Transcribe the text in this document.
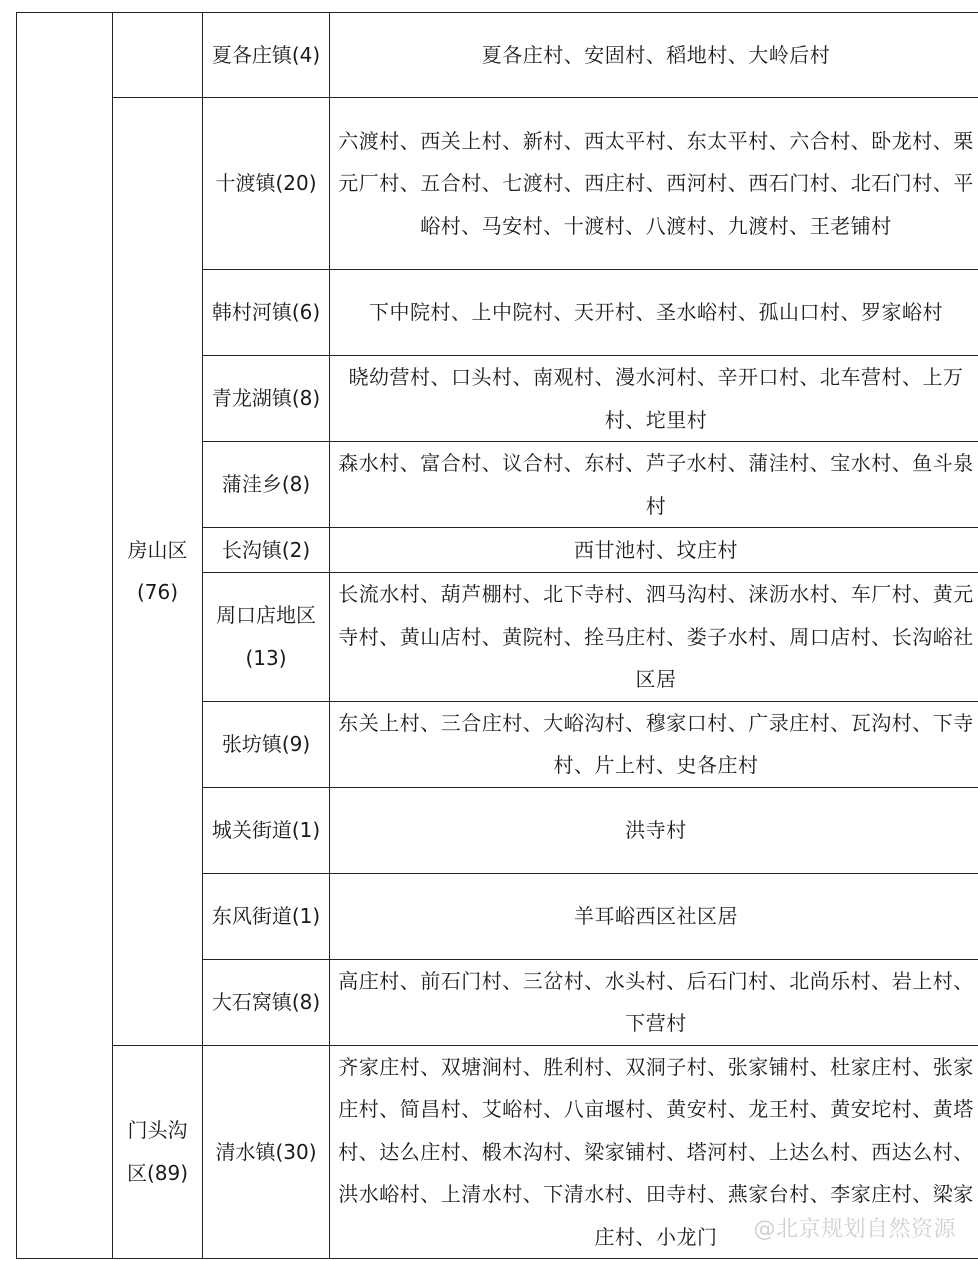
		夏各庄镇(4)	夏各庄村、安固村、稻地村、大岭后村
	房山区(76)	十渡镇(20)	六渡村、西关上村、新村、西太平村、东太平村、六合村、卧龙村、栗元厂村、五合村、七渡村、西庄村、西河村、西石门村、北石门村、平峪村、马安村、十渡村、八渡村、九渡村、王老铺村
		韩村河镇(6)	下中院村、上中院村、天开村、圣水峪村、孤山口村、罗家峪村
		青龙湖镇(8)	晓幼营村、口头村、南观村、漫水河村、辛开口村、北车营村、上万村、坨里村
		蒲洼乡(8)	森水村、富合村、议合村、东村、芦子水村、蒲洼村、宝水村、鱼斗泉村
		长沟镇(2)	西甘池村、坟庄村
		周口店地区(13)	长流水村、葫芦棚村、北下寺村、泗马沟村、涞沥水村、车厂村、黄元寺村、黄山店村、黄院村、拴马庄村、娄子水村、周口店村、长沟峪社区居
		张坊镇(9)	东关上村、三合庄村、大峪沟村、穆家口村、广录庄村、瓦沟村、下寺村、片上村、史各庄村
		城关街道(1)	洪寺村
		东风街道(1)	羊耳峪西区社区居
		大石窝镇(8)	高庄村、前石门村、三岔村、水头村、后石门村、北尚乐村、岩上村、下营村
	门头沟区(89)	清水镇(30)	齐家庄村、双塘涧村、胜利村、双洞子村、张家铺村、杜家庄村、张家庄村、简昌村、艾峪村、八亩堰村、黄安村、龙王村、黄安坨村、黄塔村、达么庄村、椴木沟村、梁家铺村、塔河村、上达么村、西达么村、洪水峪村、上清水村、下清水村、田寺村、燕家台村、李家庄村、梁家庄村、小龙门 @北京规划自然资源
